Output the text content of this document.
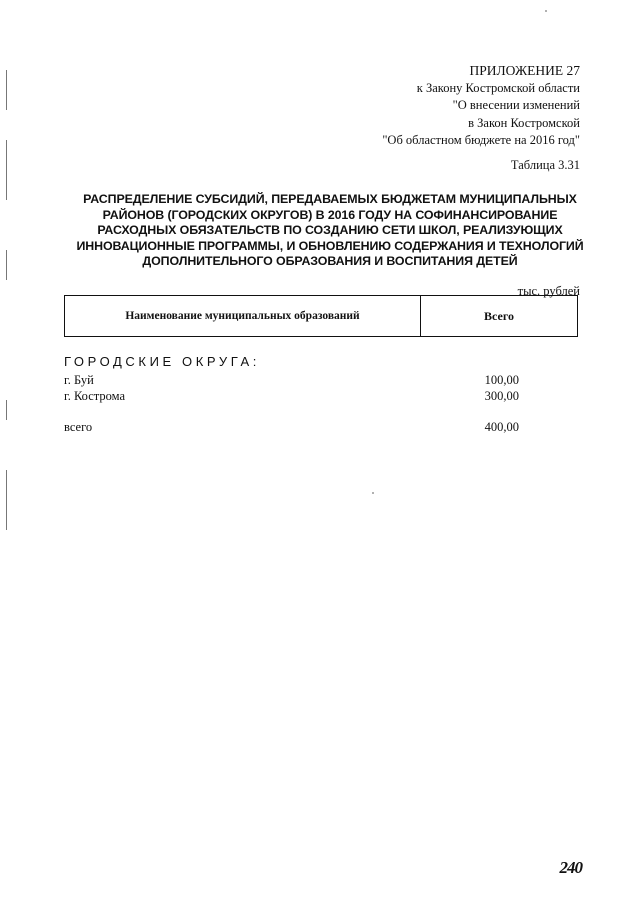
ПРИЛОЖЕНИЕ 27
к Закону Костромской области
"О внесении изменений
в Закон Костромской
"Об областном бюджете на 2016 год"
Таблица 3.31
РАСПРЕДЕЛЕНИЕ СУБСИДИЙ, ПЕРЕДАВАЕМЫХ БЮДЖЕТАМ МУНИЦИПАЛЬНЫХ
РАЙОНОВ (ГОРОДСКИХ ОКРУГОВ) В 2016 ГОДУ НА СОФИНАНСИРОВАНИЕ
РАСХОДНЫХ ОБЯЗАТЕЛЬСТВ ПО СОЗДАНИЮ СЕТИ ШКОЛ, РЕАЛИЗУЮЩИХ
ИННОВАЦИОННЫЕ ПРОГРАММЫ, И ОБНОВЛЕНИЮ СОДЕРЖАНИЯ И ТЕХНОЛОГИЙ
ДОПОЛНИТЕЛЬНОГО ОБРАЗОВАНИЯ И ВОСПИТАНИЯ ДЕТЕЙ
тыс. рублей
Наименование муниципальных образований	Всего
ГОРОДСКИЕ ОКРУГА:
г. Буй	100,00
г. Кострома	300,00
всего	400,00
240
